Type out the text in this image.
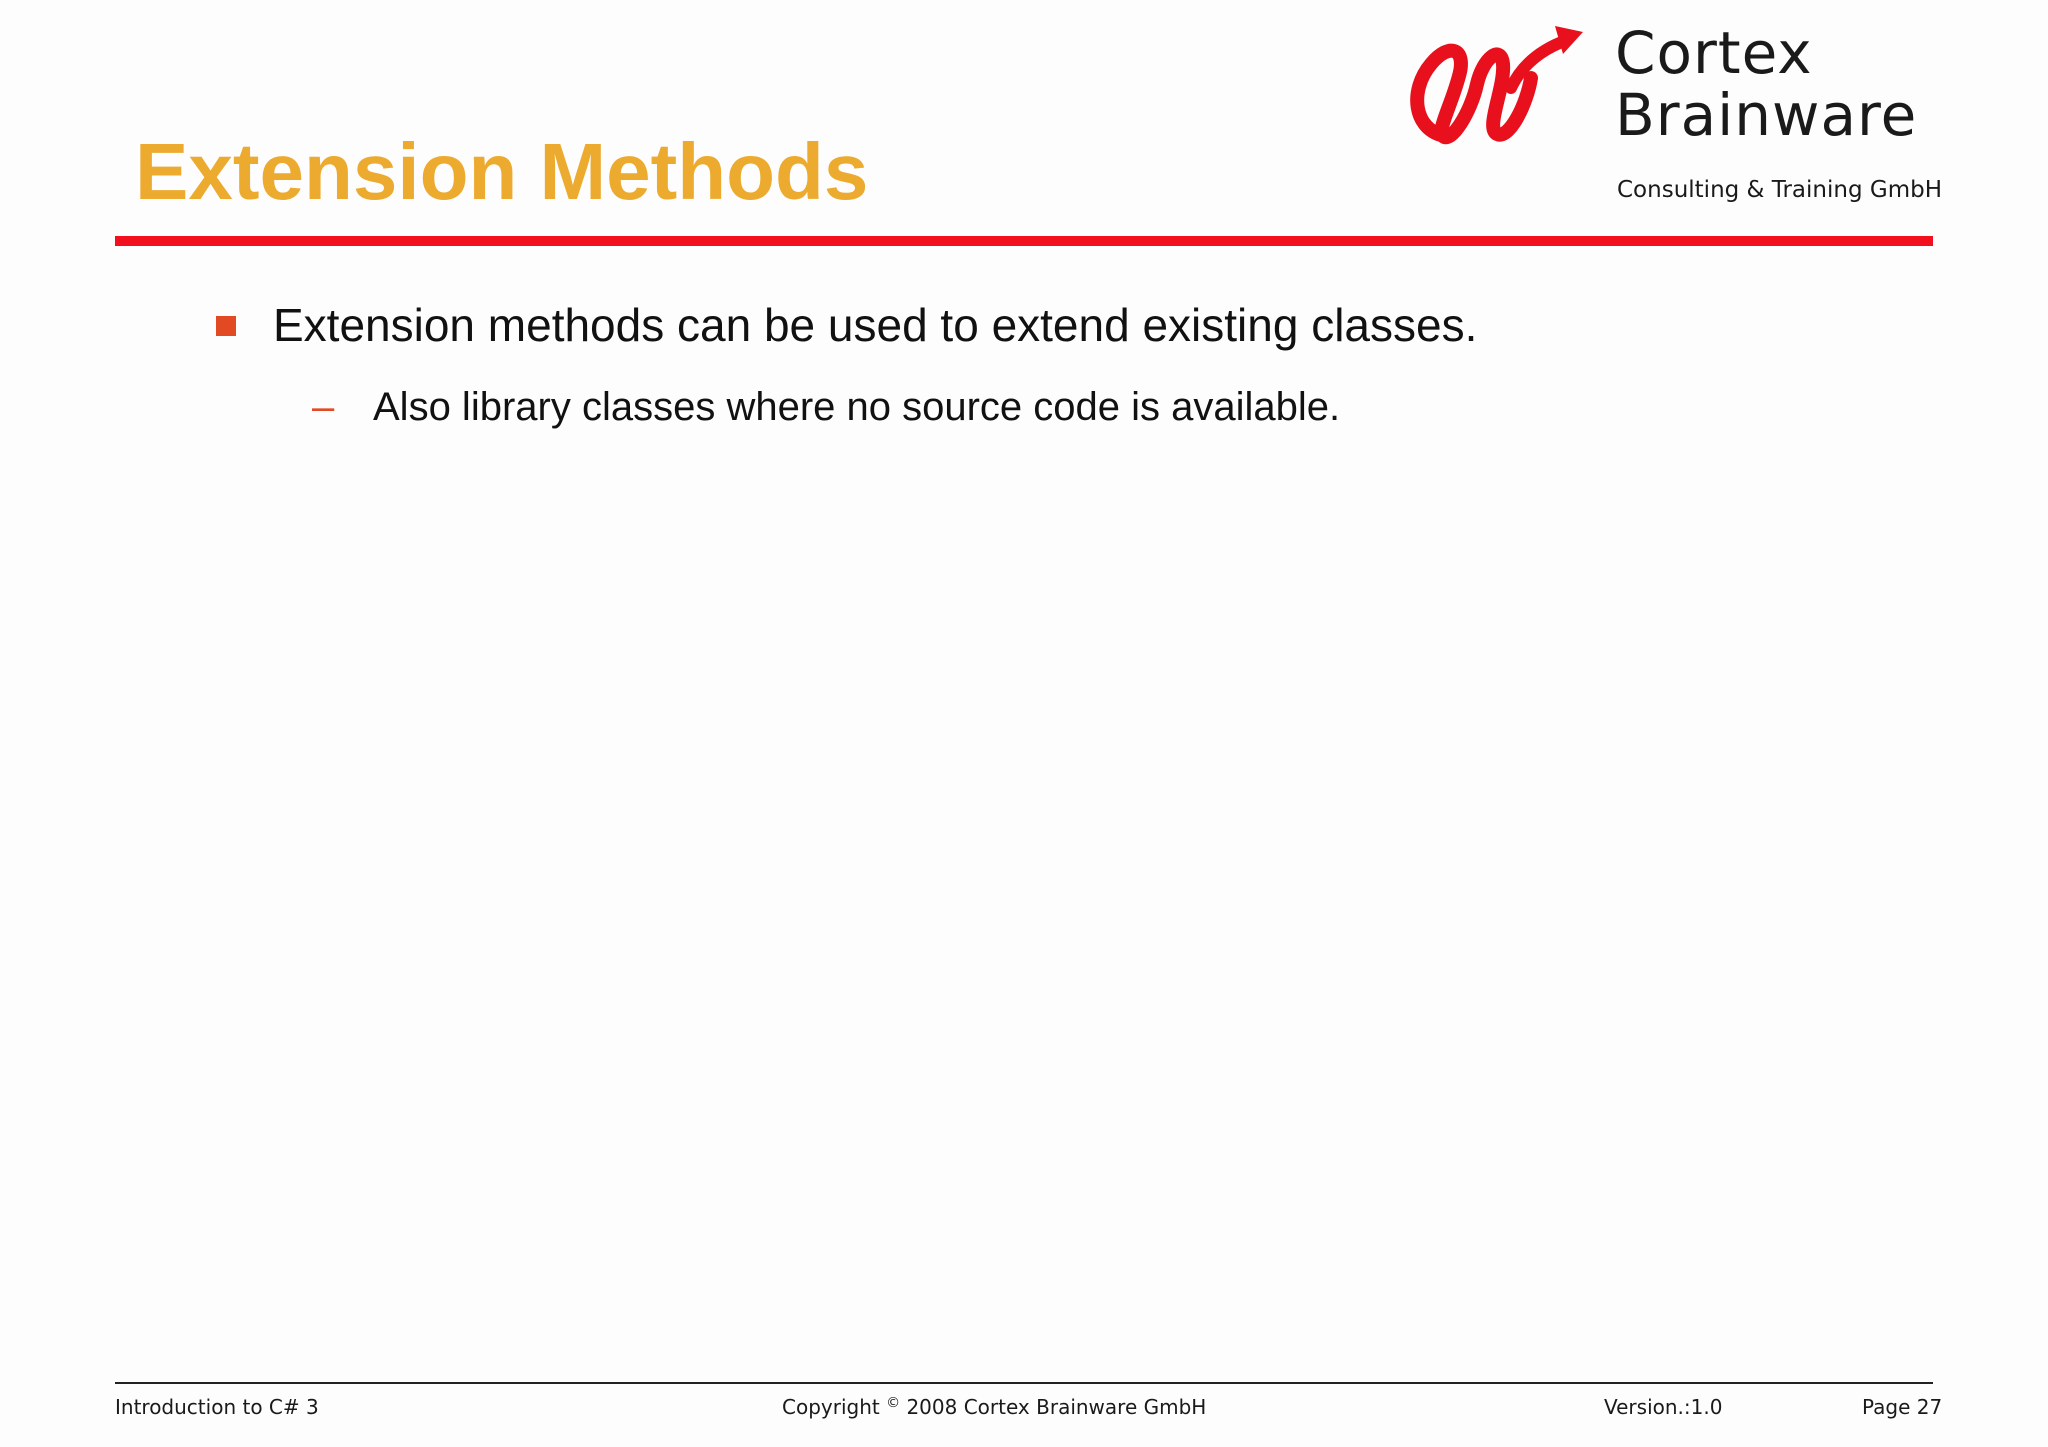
Extension Methods
Cortex
Brainware
Consulting & Training GmbH
Extension methods can be used to extend existing classes.
– Also library classes where no source code is available.
Introduction to C# 3	Copyright © 2008 Cortex Brainware GmbH	Version.:1.0	Page 27
